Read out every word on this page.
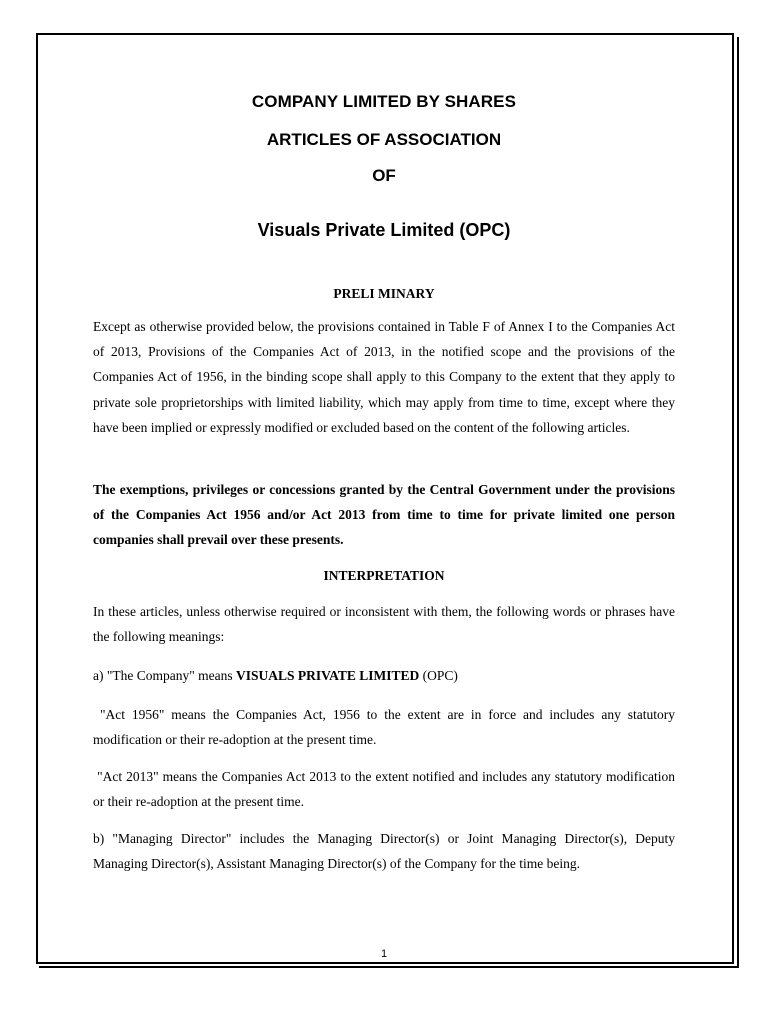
COMPANY LIMITED BY SHARES
ARTICLES OF ASSOCIATION
OF
Visuals Private Limited (OPC)
PRELI MINARY

Except as otherwise provided below, the provisions contained in Table F of Annex I to the Companies Act of 2013, Provisions of the Companies Act of 2013, in the notified scope and the provisions of the Companies Act of 1956, in the binding scope shall apply to this Company to the extent that they apply to private sole proprietorships with limited liability, which may apply from time to time, except where they have been implied or expressly modified or excluded based on the content of the following articles.

The exemptions, privileges or concessions granted by the Central Government under the provisions of the Companies Act 1956 and/or Act 2013 from time to time for private limited one person companies shall prevail over these presents.

INTERPRETATION

In these articles, unless otherwise required or inconsistent with them, the following words or phrases have the following meanings:

a) "The Company" means VISUALS PRIVATE LIMITED (OPC)

"Act 1956" means the Companies Act, 1956 to the extent are in force and includes any statutory modification or their re-adoption at the present time.

"Act 2013" means the Companies Act 2013 to the extent notified and includes any statutory modification or their re-adoption at the present time.

b) "Managing Director" includes the Managing Director(s) or Joint Managing Director(s), Deputy Managing Director(s), Assistant Managing Director(s) of the Company for the time being.

1
